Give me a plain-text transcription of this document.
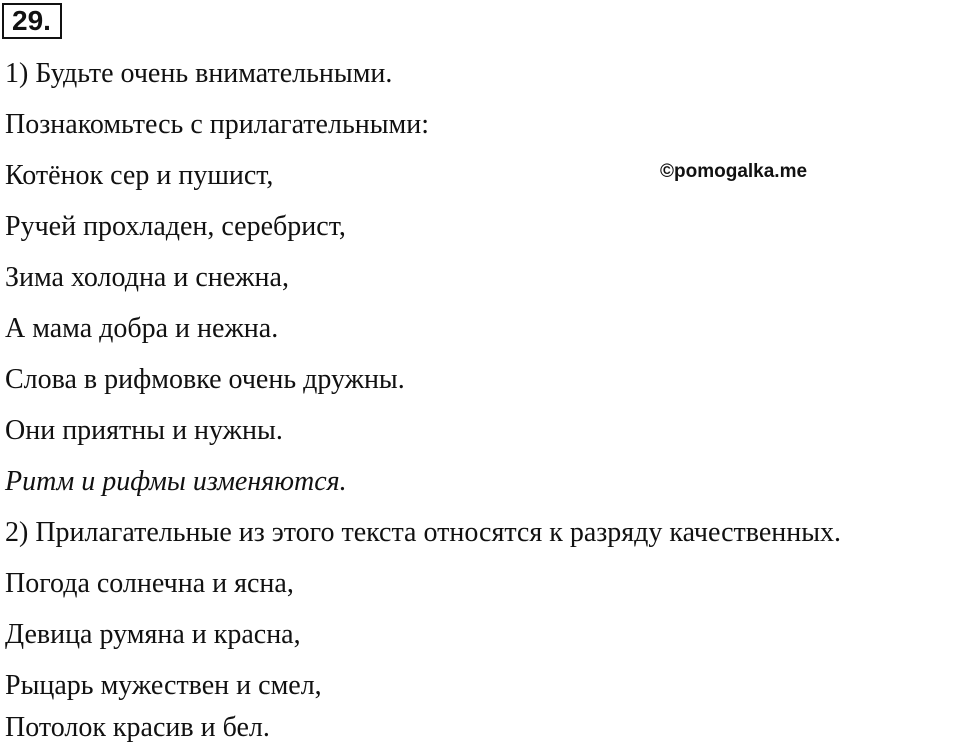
29.
1) Будьте очень внимательными.
Познакомьтесь с прилагательными:
Котёнок сер и пушист,
Ручей прохладен, серебрист,
Зима холодна и снежна,
А мама добра и нежна.
Слова в рифмовке очень дружны.
Они приятны и нужны.
Ритм и рифмы изменяются.
2) Прилагательные из этого текста относятся к разряду качественных.
Погода солнечна и ясна,
Девица румяна и красна,
Рыцарь мужествен и смел,
Потолок красив и бел.
©pomogalka.me
